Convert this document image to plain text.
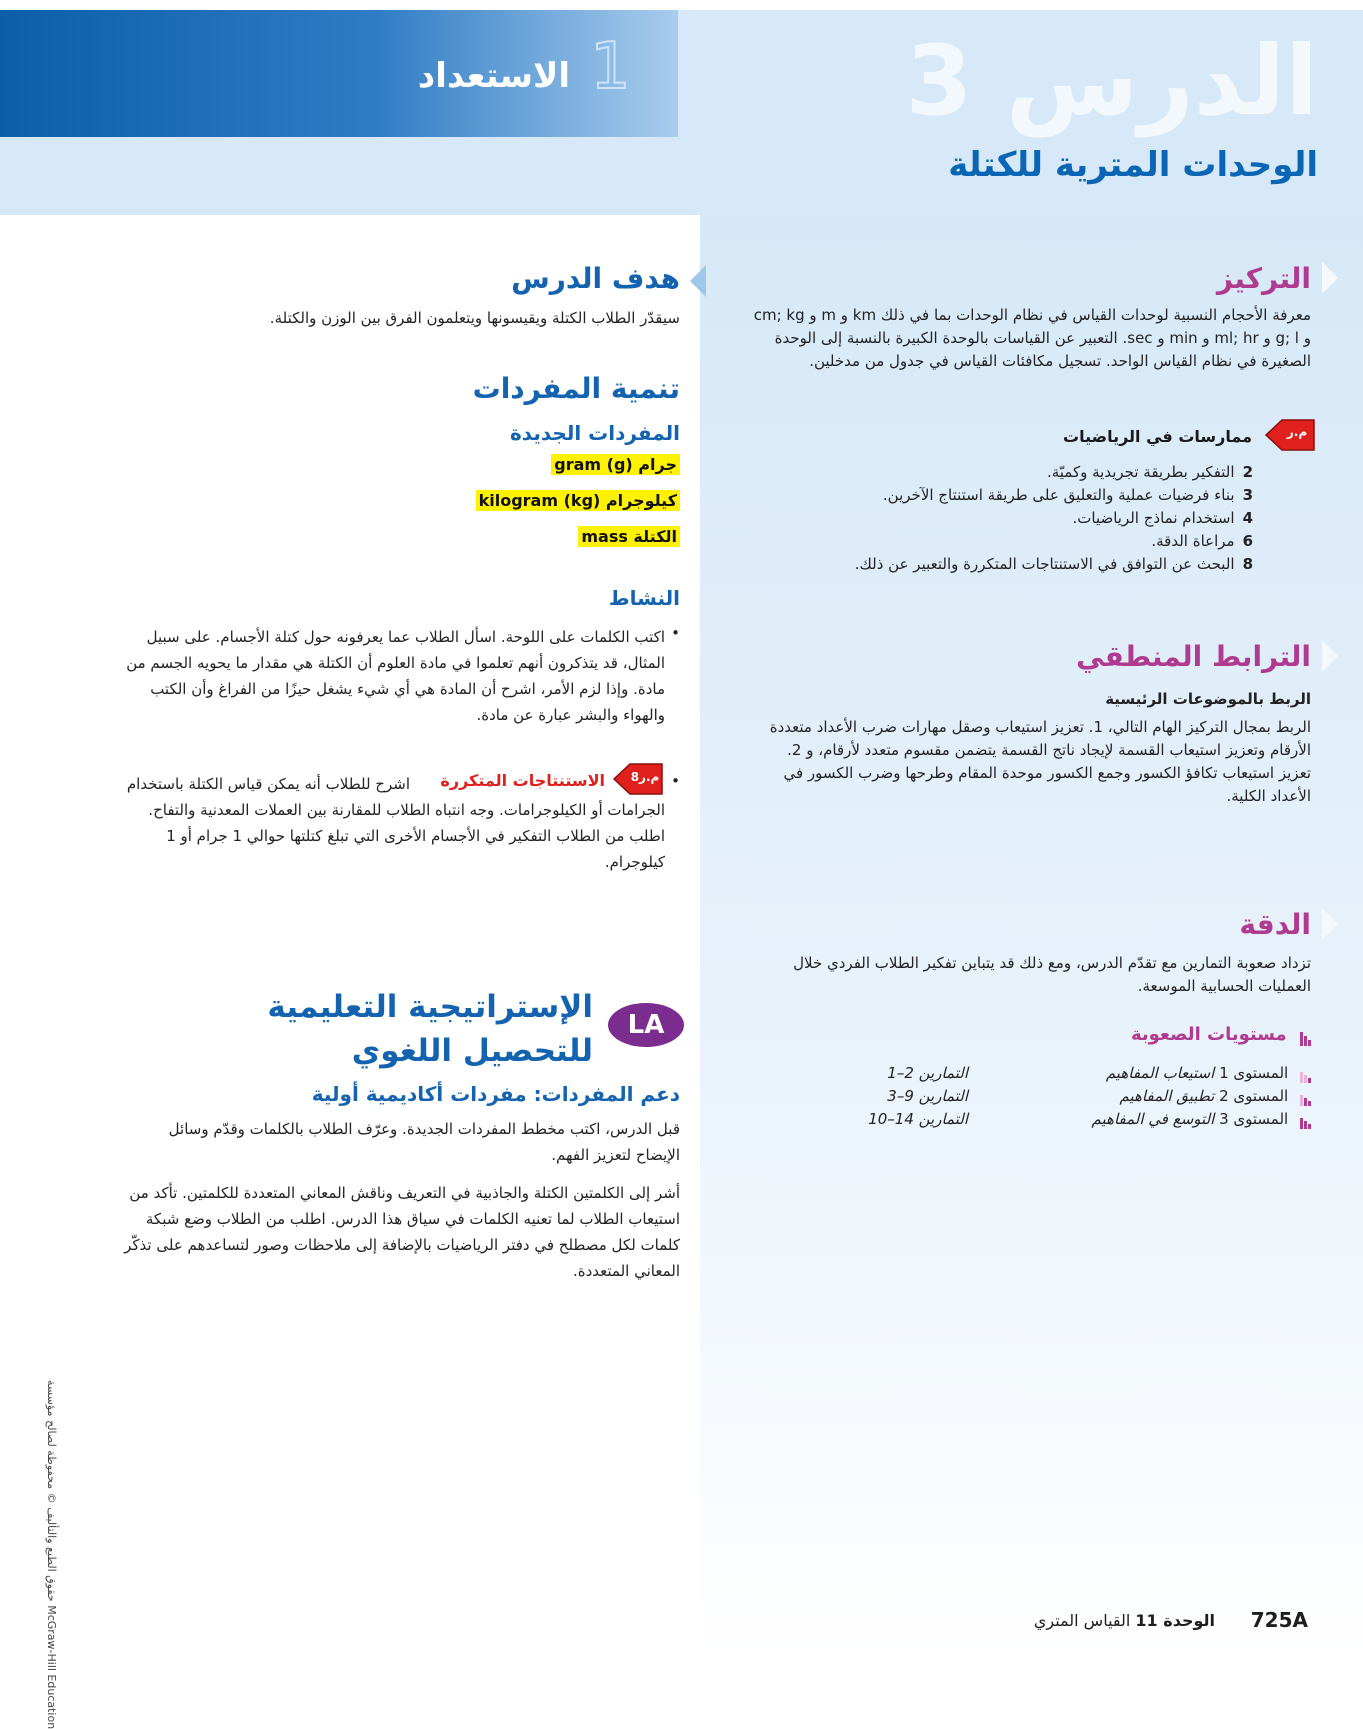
1
الاستعداد	الدرس 3
الوحدات المترية للكتلة
التركيز
معرفة الأحجام النسبية لوحدات القياس في نظام الوحدات بما في ذلك km و m و cm; kg و g; l و ml; hr و min و sec. التعبير عن القياسات بالوحدة الكبيرة بالنسبة إلى الوحدة الصغيرة في نظام القياس الواحد. تسجيل مكافئات القياس في جدول من مدخلين.
م.ر
ممارسات في الرياضيات
2التفكير بطريقة تجريدية وكميّة.
3بناء فرضيات عملية والتعليق على طريقة استنتاج الآخرين.
4استخدام نماذج الرياضيات.
6مراعاة الدقة.
8البحث عن التوافق في الاستنتاجات المتكررة والتعبير عن ذلك.
الترابط المنطقي
الربط بالموضوعات الرئيسية
الربط بمجال التركيز الهام التالي، 1. تعزيز استيعاب وصقل مهارات ضرب الأعداد متعددة الأرقام وتعزيز استيعاب القسمة لإيجاد ناتج القسمة يتضمن مقسوم متعدد لأرقام، و 2. تعزيز استيعاب تكافؤ الكسور وجمع الكسور موحدة المقام وطرحها وضرب الكسور في الأعداد الكلية.
الدقة
تزداد صعوبة التمارين مع تقدّم الدرس، ومع ذلك قد يتباين تفكير الطلاب الفردي خلال العمليات الحسابية الموسعة.
مستويات الصعوبة
المستوى 1 استيعاب المفاهيم
التمارين 2–1
المستوى 2 تطبيق المفاهيم
التمارين 9–3
المستوى 3 التوسع في المفاهيم
التمارين 14–10
هدف الدرس
سيقدّر الطلاب الكتلة ويقيسونها ويتعلمون الفرق بين الوزن والكتلة.
تنمية المفردات
المفردات الجديدة
جرام (g) gram
كيلوجرام (kg) kilogram
الكتلة mass
النشاط
•
اكتب الكلمات على اللوحة. اسأل الطلاب عما يعرفونه حول كتلة الأجسام. على سبيل المثال، قد يتذكرون أنهم تعلموا في مادة العلوم أن الكتلة هي مقدار ما يحويه الجسم من مادة. وإذا لزم الأمر، اشرح أن المادة هي أي شيء يشغل حيزًا من الفراغ وأن الكتب والهواء والبشر عبارة عن مادة.
•
م.ر8
الاستنتاجات المتكررة
اشرح للطلاب أنه يمكن قياس الكتلة باستخدام الجرامات أو الكيلوجرامات. وجه انتباه الطلاب للمقارنة بين العملات المعدنية والتفاح. اطلب من الطلاب التفكير في الأجسام الأخرى التي تبلغ كتلتها حوالي 1 جرام أو 1 كيلوجرام.
LA
الإستراتيجية التعليمية
للتحصيل اللغوي
دعم المفردات: مفردات أكاديمية أولية
قبل الدرس، اكتب مخطط المفردات الجديدة. وعرّف الطلاب بالكلمات وقدّم وسائل الإيضاح لتعزيز الفهم.
أشر إلى الكلمتين الكتلة والجاذبية في التعريف وناقش المعاني المتعددة للكلمتين. تأكد من استيعاب الطلاب لما تعنيه الكلمات في سياق هذا الدرس. اطلب من الطلاب وضع شبكة كلمات لكل مصطلح في دفتر الرياضيات بالإضافة إلى ملاحظات وصور لتساعدهم على تذكّر المعاني المتعددة.
حقوق الطبع والتأليف © محفوظة لصالح مؤسسة McGraw-Hill Education	725A
الوحدة 11 القياس المتري
